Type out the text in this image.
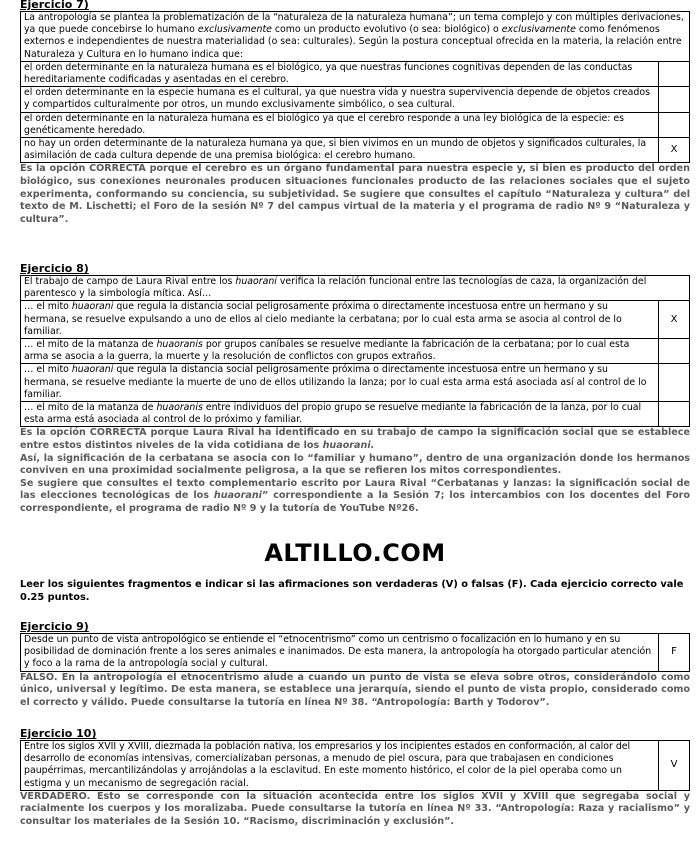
Ejercicio 7)

La antropología se plantea la problematización de la “naturaleza de la naturaleza humana”; un tema complejo y con múltiples derivaciones, ya que puede concebirse lo humano exclusivamente como un producto evolutivo (o sea: biológico) o exclusivamente como fenómenos externos e independientes de nuestra materialidad (o sea: culturales). Según la postura conceptual ofrecida en la materia, la relación entre Naturaleza y Cultura en lo humano indica que:	
el orden determinante en la naturaleza humana es el biológico, ya que nuestras funciones cognitivas dependen de las conductas hereditariamente codificadas y asentadas en el cerebro.	
el orden determinante en la especie humana es el cultural, ya que nuestra vida y nuestra supervivencia depende de objetos creados y compartidos culturalmente por otros, un mundo exclusivamente simbólico, o sea cultural.	
el orden determinante en la naturaleza humana es el biológico ya que el cerebro responde a una ley biológica de la especie: es genéticamente heredado.	
no hay un orden determinante de la naturaleza humana ya que, si bien vivimos en un mundo de objetos y significados culturales, la asimilación de cada cultura depende de una premisa biológica: el cerebro humano.	X
Es la opción CORRECTA porque el cerebro es un órgano fundamental para nuestra especie y, si bien es producto del orden biológico, sus conexiones neuronales producen situaciones funcionales producto de las relaciones sociales que el sujeto experimenta, conformando su conciencia, su subjetividad. Se sugiere que consultes el capítulo “Naturaleza y cultura” del texto de M. Lischetti; el Foro de la sesión Nº 7 del campus virtual de la materia y el programa de radio Nº 9 “Naturaleza y cultura”.

Ejercicio 8)

El trabajo de campo de Laura Rival entre los huaorani verifica la relación funcional entre las tecnologías de caza, la organización del parentesco y la simbología mítica. Así…	
… el mito huaorani que regula la distancia social peligrosamente próxima o directamente incestuosa entre un hermano y su hermana, se resuelve expulsando a uno de ellos al cielo mediante la cerbatana; por lo cual esta arma se asocia al control de lo familiar.	X
… el mito de la matanza de huaoranis por grupos caníbales se resuelve mediante la fabricación de la cerbatana; por lo cual esta arma se asocia a la guerra, la muerte y la resolución de conflictos con grupos extraños.	
… el mito huaorani que regula la distancia social peligrosamente próxima o directamente incestuosa entre un hermano y su hermana, se resuelve mediante la muerte de uno de ellos utilizando la lanza; por lo cual esta arma está asociada así al control de lo familiar.	
… el mito de la matanza de huaoranis entre individuos del propio grupo se resuelve mediante la fabricación de la lanza, por lo cual esta arma está asociada al control de lo próximo y familiar.	

Es la opción CORRECTA porque Laura Rival ha identificado en su trabajo de campo la significación social que se establece entre estos distintos niveles de la vida cotidiana de los huaorani.

Así, la significación de la cerbatana se asocia con lo “familiar y humano”, dentro de una organización donde los hermanos conviven en una proximidad socialmente peligrosa, a la que se refieren los mitos correspondientes.

Se sugiere que consultes el texto complementario escrito por Laura Rival “Cerbatanas y lanzas: la significación social de las elecciones tecnológicas de los huaorani” correspondiente a la Sesión 7; los intercambios con los docentes del Foro correspondiente, el programa de radio Nº 9 y la tutoría de YouTube Nº26.

ALTILLO.COM

Leer los siguientes fragmentos e indicar si las afirmaciones son verdaderas (V) o falsas (F). Cada ejercicio correcto vale 0.25 puntos.

Ejercicio 9)

Desde un punto de vista antropológico se entiende el “etnocentrismo” como un centrismo o focalización en lo humano y en su posibilidad de dominación frente a los seres animales e inanimados. De esta manera, la antropología ha otorgado particular atención y foco a la rama de la antropología social y cultural.	F
FALSO. En la antropología el etnocentrismo alude a cuando un punto de vista se eleva sobre otros, considerándolo como único, universal y legítimo. De esta manera, se establece una jerarquía, siendo el punto de vista propio, considerado como el correcto y válido. Puede consultarse la tutoría en línea Nº 38. “Antropología: Barth y Todorov”.

Ejercicio 10)

Entre los siglos XVII y XVIII, diezmada la población nativa, los empresarios y los incipientes estados en conformación, al calor del desarrollo de economías intensivas, comercializaban personas, a menudo de piel oscura, para que trabajasen en condiciones paupérrimas, mercantilizándolas y arrojándolas a la esclavitud. En este momento histórico, el color de la piel operaba como un estigma y un mecanismo de segregación racial.	V
VERDADERO. Esto se corresponde con la situación acontecida entre los siglos XVII y XVIII que segregaba social y racialmente los cuerpos y los moralizaba. Puede consultarse la tutoría en línea Nº 33. “Antropología: Raza y racialismo” y consultar los materiales de la Sesión 10. “Racismo, discriminación y exclusión”.
